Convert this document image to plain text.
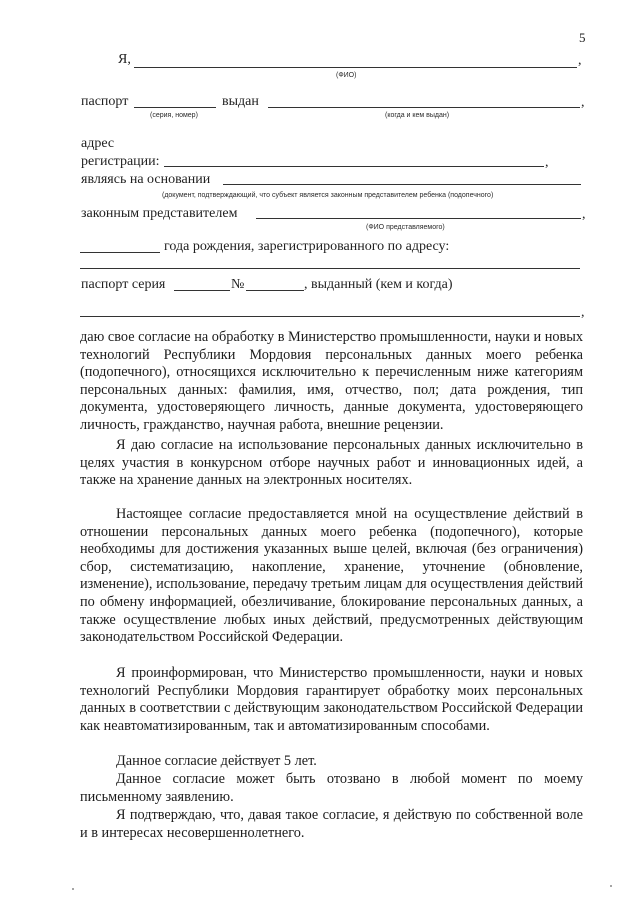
5
Я,	,
(ФИО)
паспорт	выдан	,
(серия, номер)	(когда и кем выдан)
адрес
регистрации:	,
являясь на основании
(документ, подтверждающий, что субъект является законным представителем ребенка (подопечного)
законным представителем	,
(ФИО представляемого)
года рождения, зарегистрированного по адресу:
паспорт серия	№	, выданный (кем и когда)
,
даю свое согласие на обработку в Министерство промышленности, науки и новых технологий Республики Мордовия персональных данных моего ребенка (подопечного), относящихся исключительно к перечисленным ниже категориям персональных данных: фамилия, имя, отчество, пол; дата рождения, тип документа, удостоверяющего личность, данные документа, удостоверяющего личность, гражданство, научная работа, внешние рецензии.
Я даю согласие на использование персональных данных исключительно в целях участия в конкурсном отборе научных работ и инновационных идей, а также на хранение данных на электронных носителях.
Настоящее согласие предоставляется мной на осуществление действий в отношении персональных данных моего ребенка (подопечного), которые необходимы для достижения указанных выше целей, включая (без ограничения) сбор, систематизацию, накопление, хранение, уточнение (обновление, изменение), использование, передачу третьим лицам для осуществления действий по обмену информацией, обезличивание, блокирование персональных данных, а также осуществление любых иных действий, предусмотренных действующим законодательством Российской Федерации.
Я проинформирован, что Министерство промышленности, науки и новых технологий Республики Мордовия гарантирует обработку моих персональных данных в соответствии с действующим законодательством Российской Федерации как неавтоматизированным, так и автоматизированным способами.
Данное согласие действует 5 лет.
Данное согласие может быть отозвано в любой момент по моему письменному заявлению.
Я подтверждаю, что, давая такое согласие, я действую по собственной воле и в интересах несовершеннолетнего.
